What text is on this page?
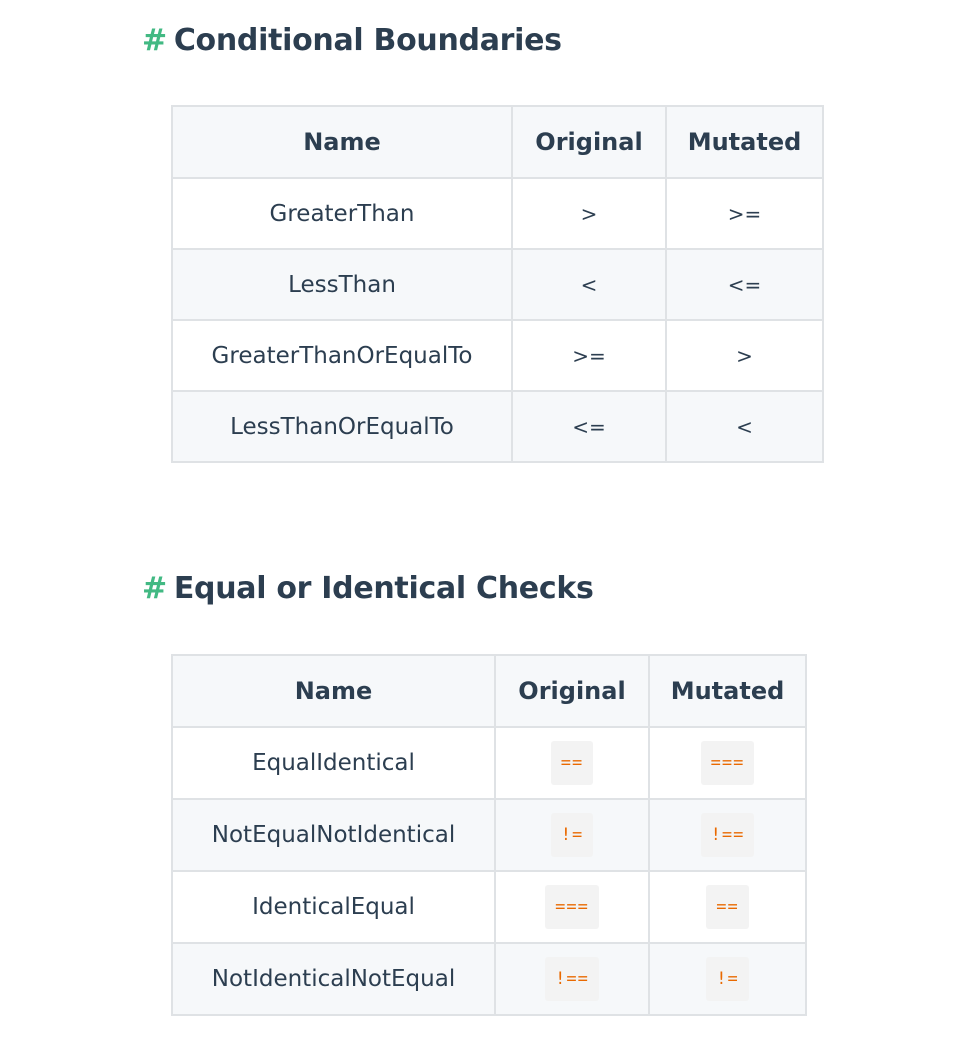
# Conditional Boundaries
Name	Original	Mutated
GreaterThan	>	>=
LessThan	<	<=
GreaterThanOrEqualTo	>=	>
LessThanOrEqualTo	<=	<
# Equal or Identical Checks
Name	Original	Mutated
EqualIdentical	==	===
NotEqualNotIdentical	!=	!==
IdenticalEqual	===	==
NotIdenticalNotEqual	!==	!=
